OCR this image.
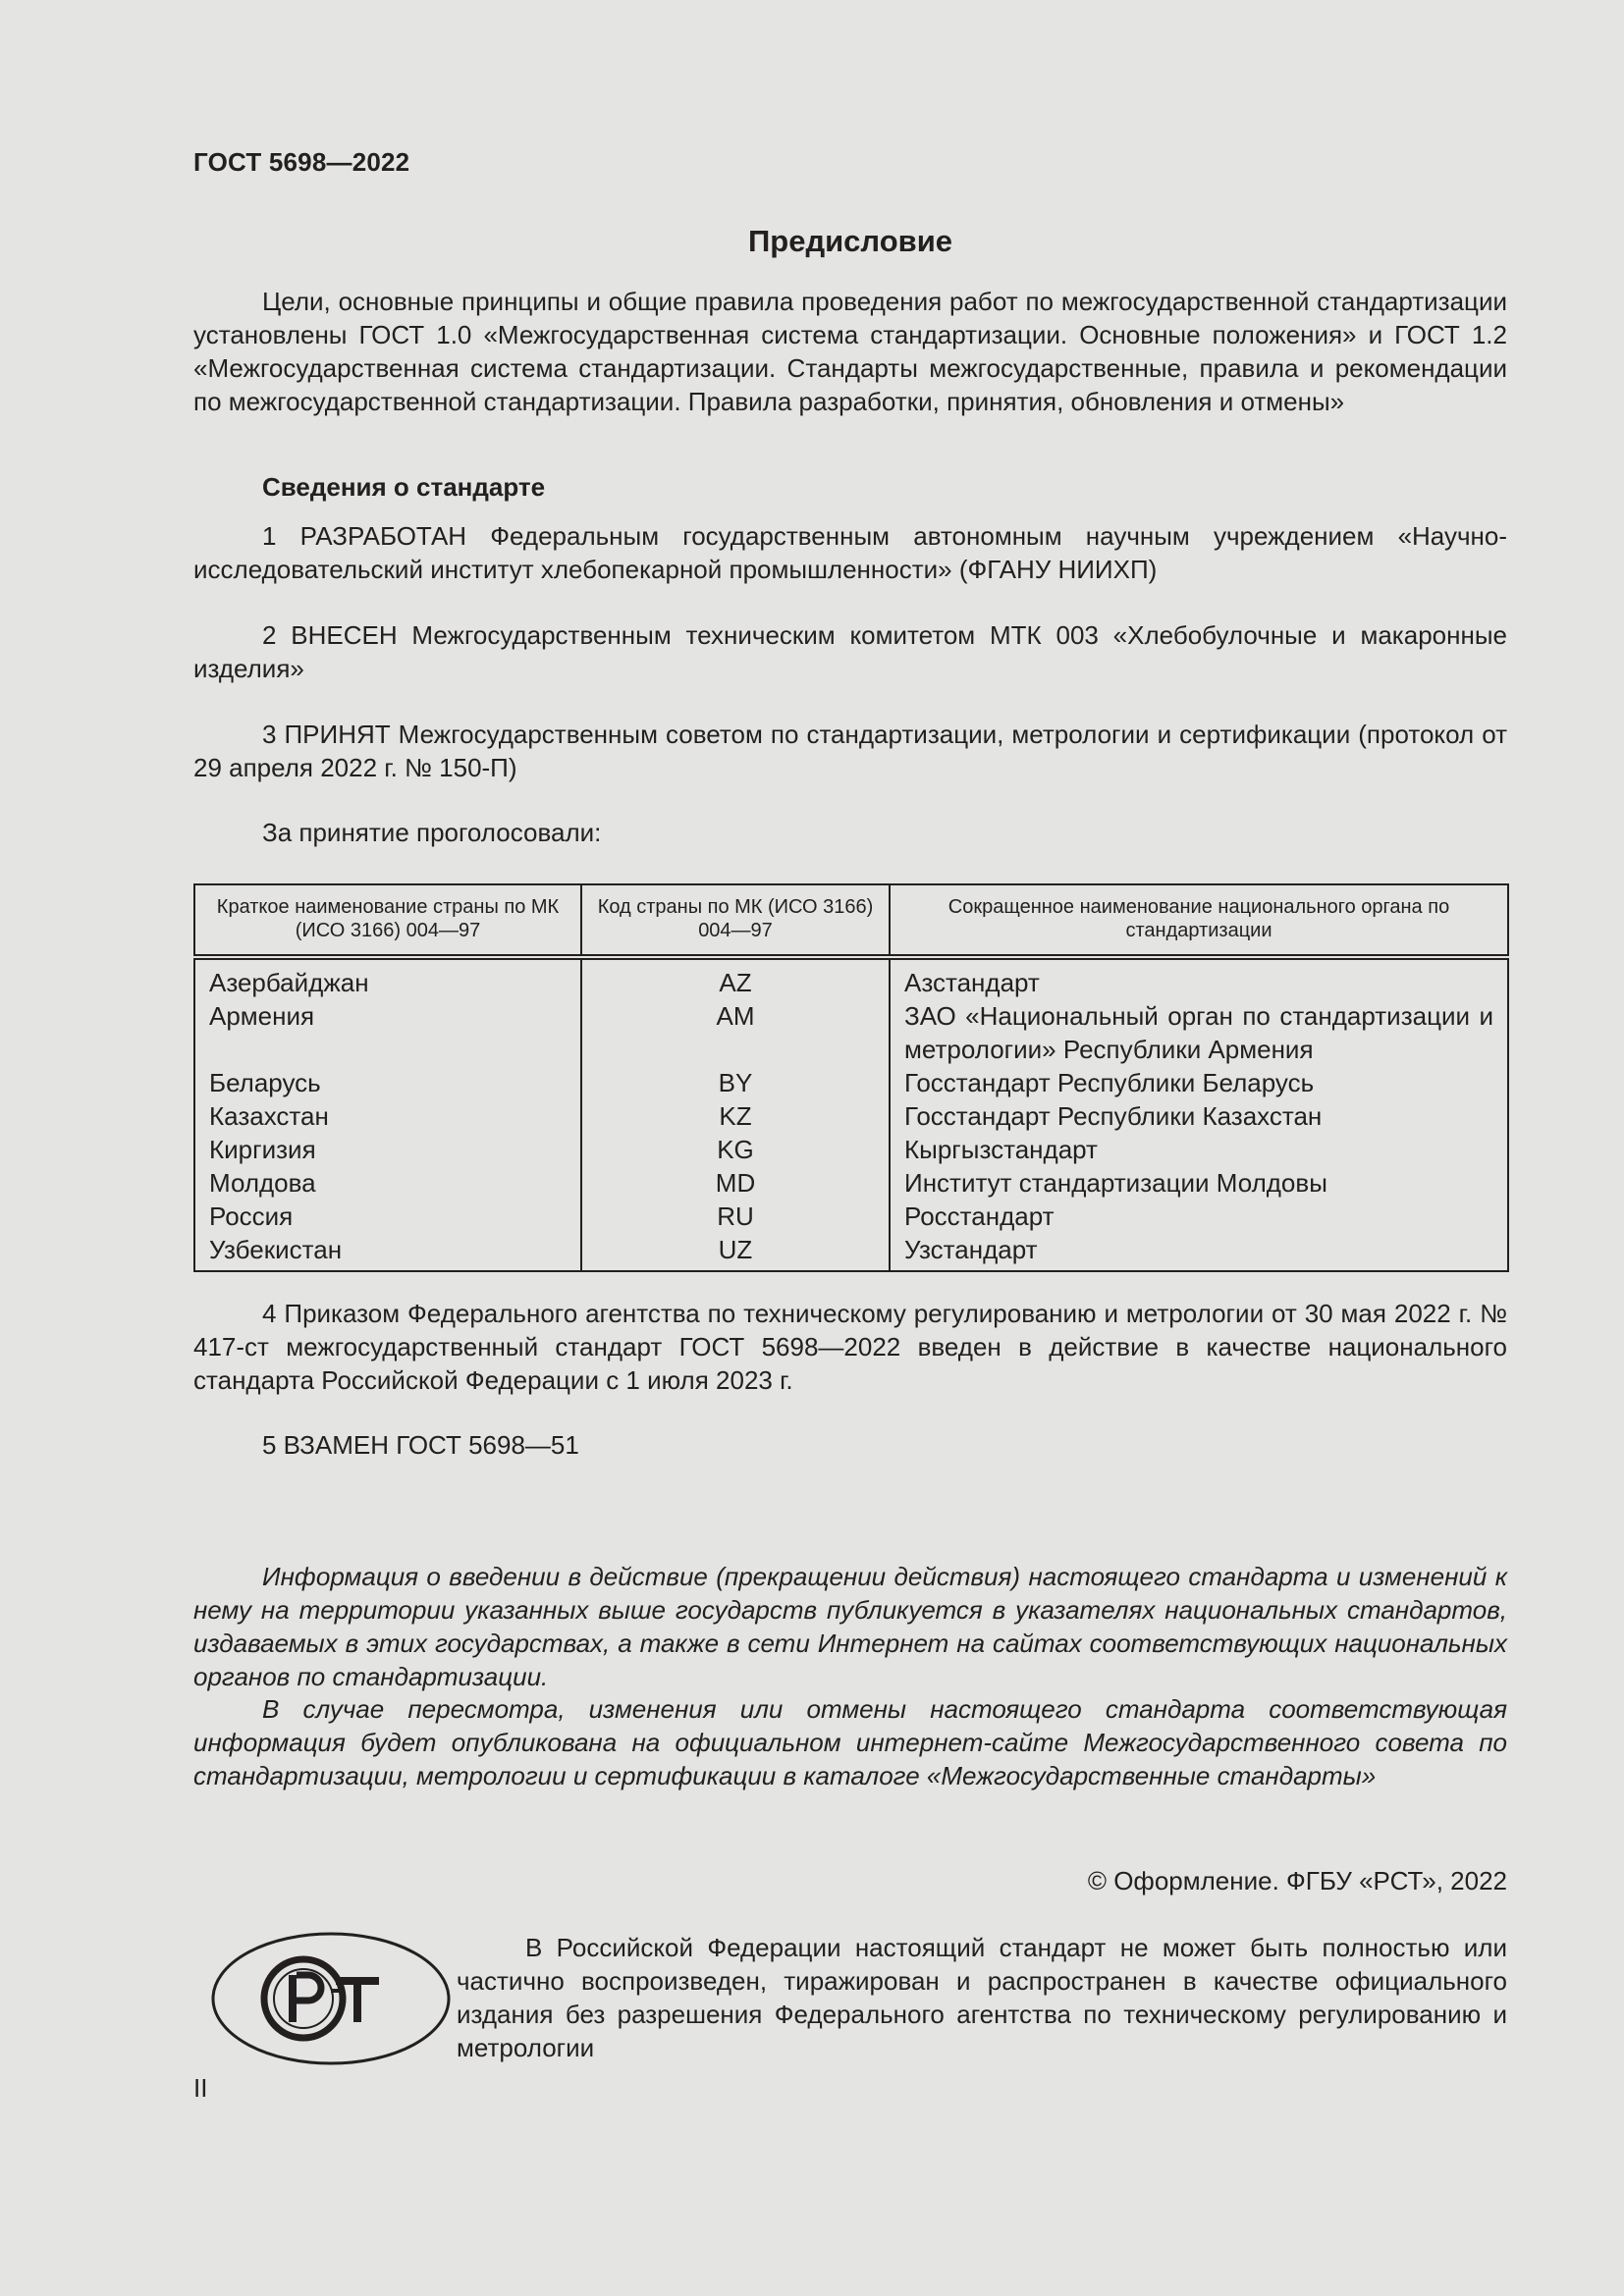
ГОСТ 5698—2022
Предисловие

Цели, основные принципы и общие правила проведения работ по межгосударственной стандартизации установлены ГОСТ 1.0 «Межгосударственная система стандартизации. Основные положения» и ГОСТ 1.2 «Межгосударственная система стандартизации. Стандарты межгосударственные, правила и рекомендации по межгосударственной стандартизации. Правила разработки, принятия, обновления и отмены»

Сведения о стандарте

1 РАЗРАБОТАН Федеральным государственным автономным научным учреждением «Научно-исследовательский институт хлебопекарной промышленности» (ФГАНУ НИИХП)

2 ВНЕСЕН Межгосударственным техническим комитетом МТК 003 «Хлебобулочные и макаронные изделия»

3 ПРИНЯТ Межгосударственным советом по стандартизации, метрологии и сертификации (протокол от 29 апреля 2022 г. № 150-П)

За принятие проголосовали:

Краткое наименование страны по МК (ИСО 3166) 004—97	Код страны по МК (ИСО 3166) 004—97	Сокращенное наименование национального органа по стандартизации
Азербайджан	AZ	Азстандарт
Армения	AM	ЗАО «Национальный орган по стандартизации и метрологии» Республики Армения
Беларусь	BY	Госстандарт Республики Беларусь
Казахстан	KZ	Госстандарт Республики Казахстан
Киргизия	KG	Кыргызстандарт
Молдова	MD	Институт стандартизации Молдовы
Россия	RU	Росстандарт
Узбекистан	UZ	Узстандарт

4 Приказом Федерального агентства по техническому регулированию и метрологии от 30 мая 2022 г. № 417-ст межгосударственный стандарт ГОСТ 5698—2022 введен в действие в качестве национального стандарта Российской Федерации с 1 июля 2023 г.

5 ВЗАМЕН ГОСТ 5698—51

Информация о введении в действие (прекращении действия) настоящего стандарта и изменений к нему на территории указанных выше государств публикуется в указателях национальных стандартов, издаваемых в этих государствах, а также в сети Интернет на сайтах соответствующих национальных органов по стандартизации.

В случае пересмотра, изменения или отмены настоящего стандарта соответствующая информация будет опубликована на официальном интернет-сайте Межгосударственного совета по стандартизации, метрологии и сертификации в каталоге «Межгосударственные стандарты»

© Оформление. ФГБУ «РСТ», 2022

В Российской Федерации настоящий стандарт не может быть полностью или частично воспроизведен, тиражирован и распространен в качестве официального издания без разрешения Федерального агентства по техническому регулированию и метрологии

II
